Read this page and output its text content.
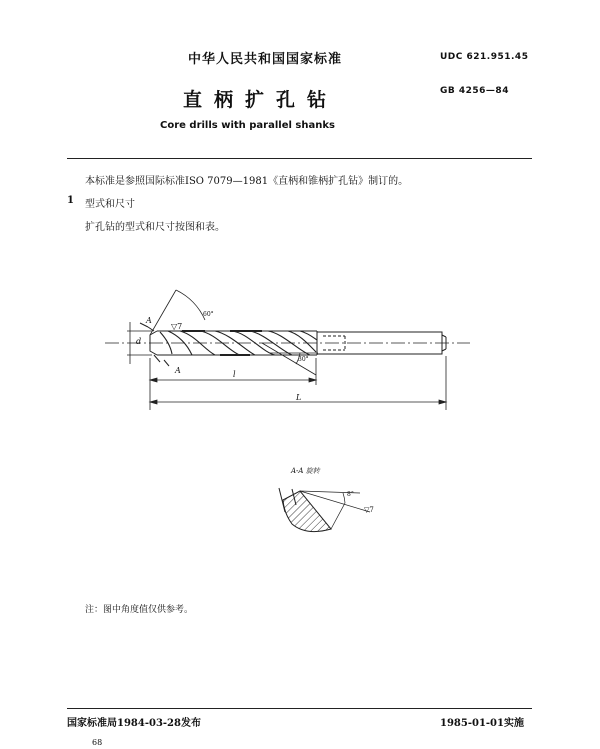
中华人民共和国国家标准	UDC 621.951.45
直柄扩孔钻	GB 4256—84
Core drills with parallel shanks
本标准是参照国际标准ISO 7079—1981《直柄和锥柄扩孔钻》制订的。
1 型式和尺寸
扩孔钻的型式和尺寸按图和表。
A
▽7
60°
d
A
30°
l
L
A-A 旋转
8°
▽7
注：图中角度值仅供参考。
国家标准局1984-03-28发布	1985-01-01实施
68
